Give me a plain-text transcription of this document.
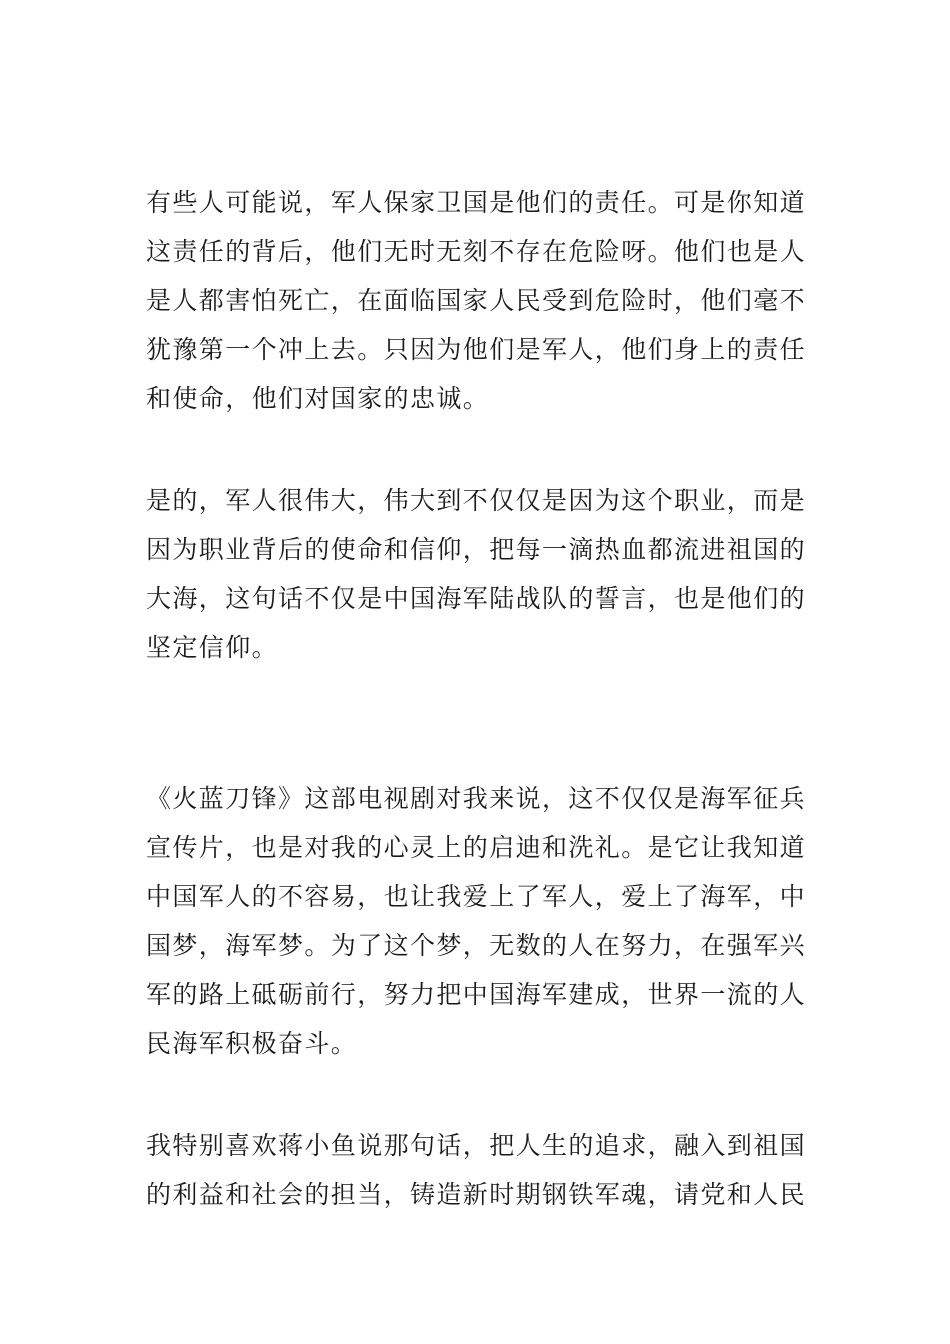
有些人可能说，军人保家卫国是他们的责任。可是你知道
这责任的背后，他们无时无刻不存在危险呀。他们也是人
是人都害怕死亡，在面临国家人民受到危险时，他们毫不
犹豫第一个冲上去。只因为他们是军人，他们身上的责任
和使命，他们对国家的忠诚。
是的，军人很伟大，伟大到不仅仅是因为这个职业，而是
因为职业背后的使命和信仰，把每一滴热血都流进祖国的
大海，这句话不仅是中国海军陆战队的誓言，也是他们的
坚定信仰。
《火蓝刀锋》这部电视剧对我来说，这不仅仅是海军征兵
宣传片，也是对我的心灵上的启迪和洗礼。是它让我知道
中国军人的不容易，也让我爱上了军人，爱上了海军，中
国梦，海军梦。为了这个梦，无数的人在努力，在强军兴
军的路上砥砺前行，努力把中国海军建成，世界一流的人
民海军积极奋斗。
我特别喜欢蒋小鱼说那句话，把人生的追求，融入到祖国
的利益和社会的担当，铸造新时期钢铁军魂，请党和人民
